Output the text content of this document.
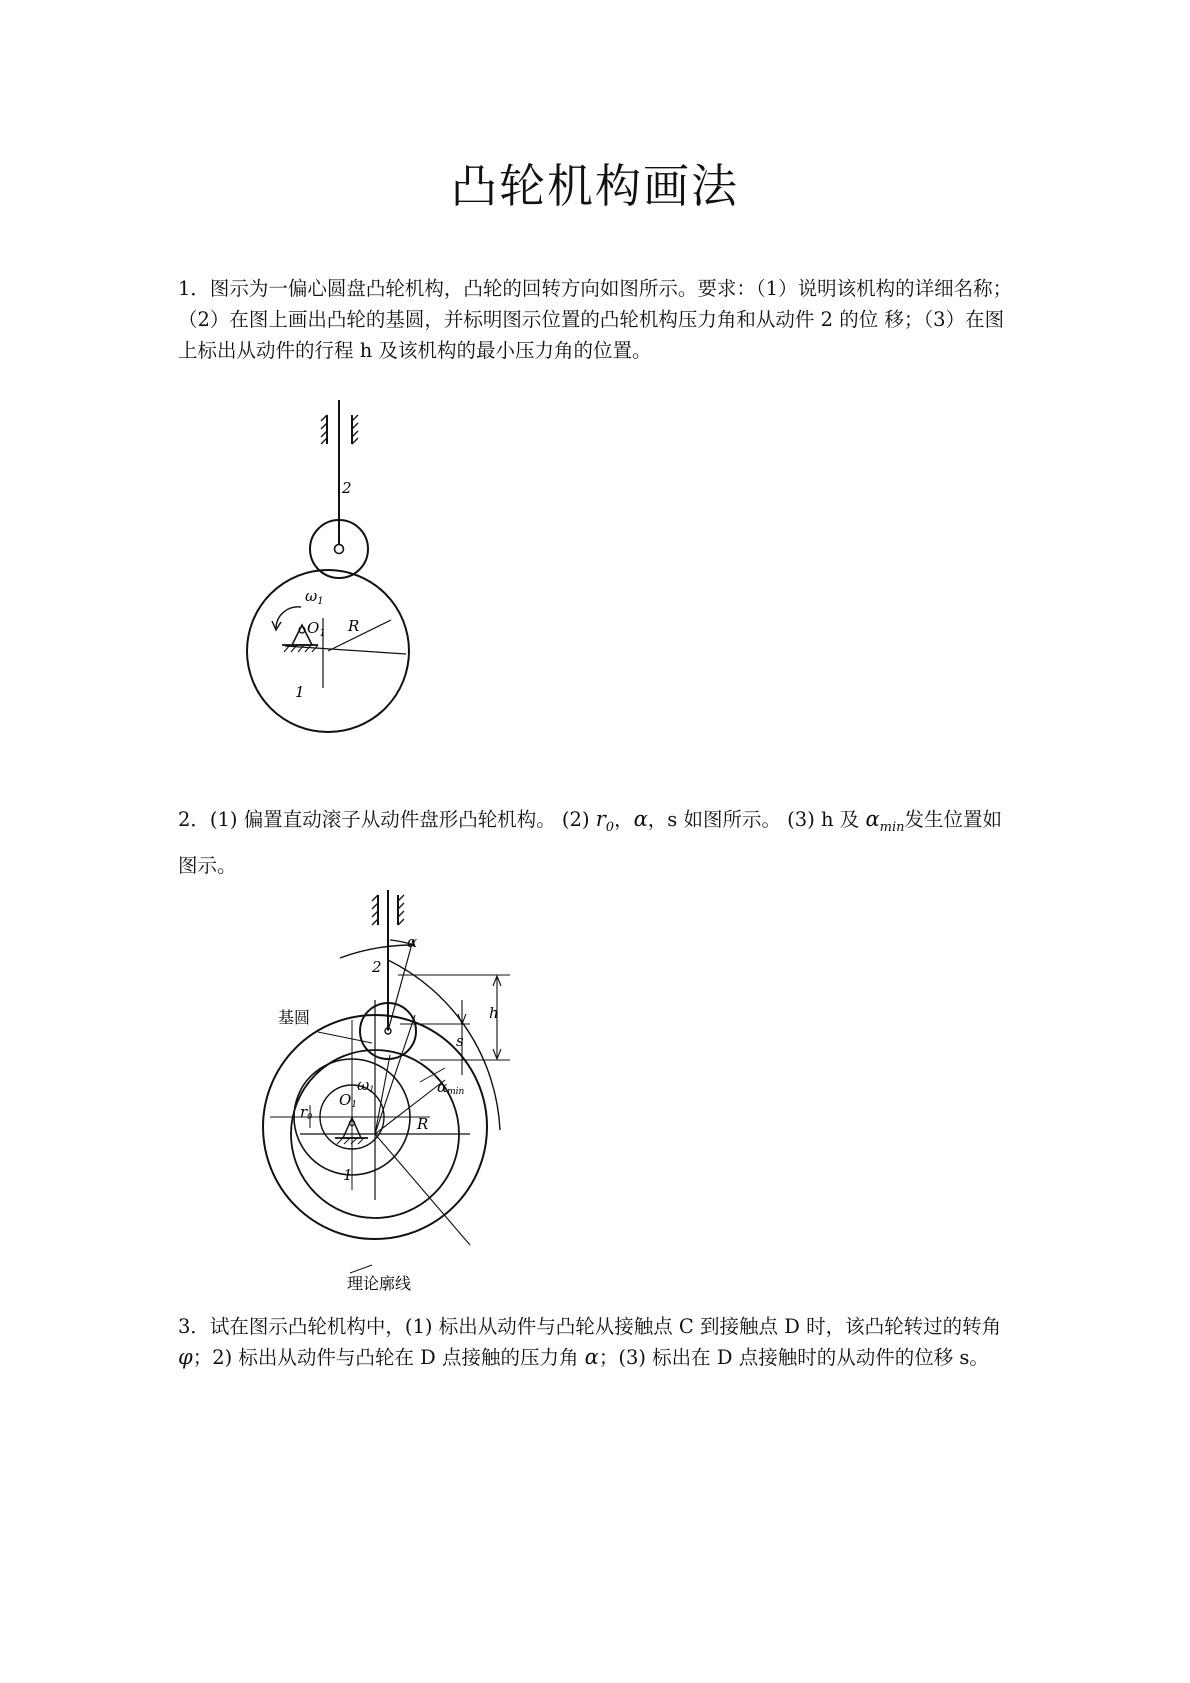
凸轮机构画法

1．图示为一偏心圆盘凸轮机构，凸轮的回转方向如图所示。要求：（1）说明该机构的详细名称；（2）在图上画出凸轮的基圆，并标明图示位置的凸轮机构压力角和从动件 2 的位 移；（3）在图上标出从动件的行程 h 及该机构的最小压力角的位置。

2
$\omega_1$
$O_1$ R
1

2．(1) 偏置直动滚子从动件盘形凸轮机构。 (2) $r_0$，α，s 如图所示。 (3) h 及 $\alpha_{min}$发生位置如图示。

基圆
理论廓线
2
α
h
s
αmin
ω1
r0
O1
R
1

3．试在图示凸轮机构中，(1) 标出从动件与凸轮从接触点 C 到接触点 D 时，该凸轮转过的转角 φ；2) 标出从动件与凸轮在 D 点接触的压力角 α；(3) 标出在 D 点接触时的从动件的位移 s。
